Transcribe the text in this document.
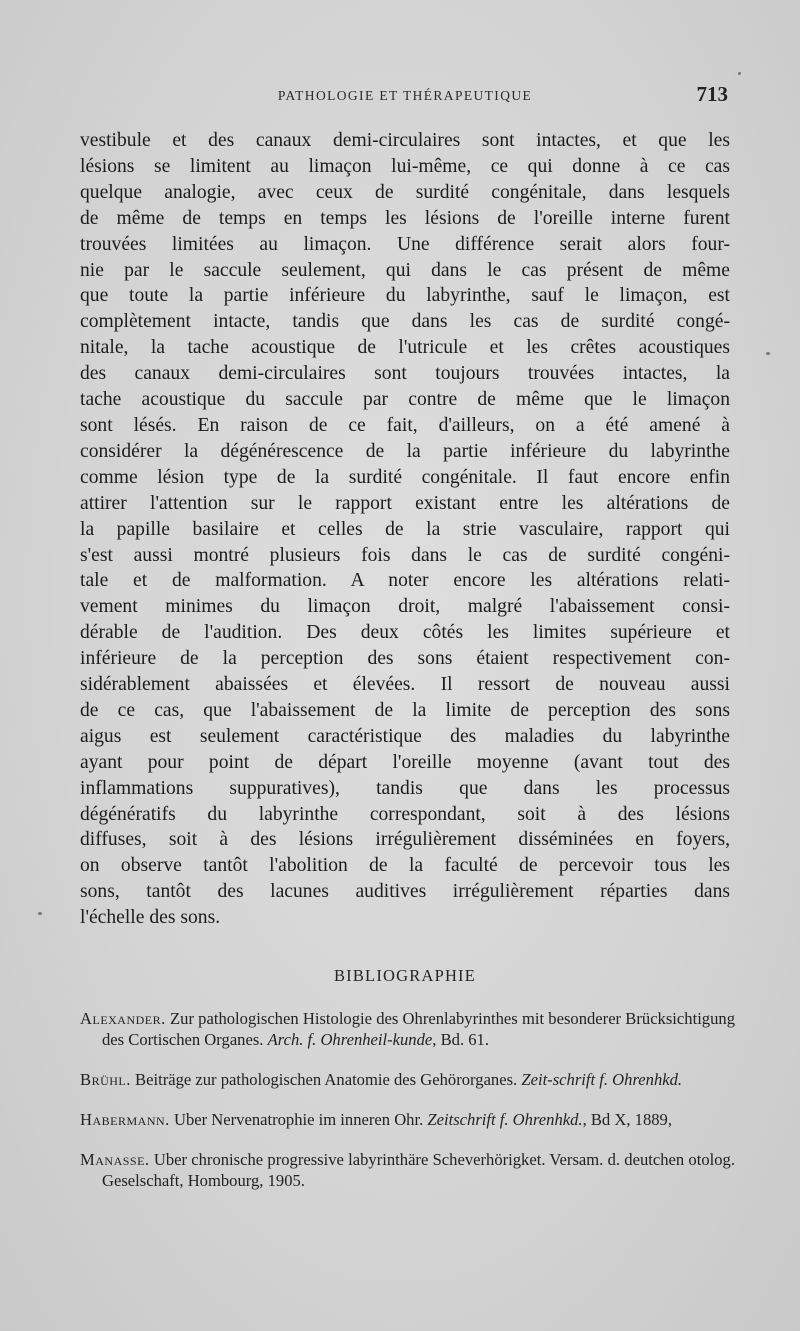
PATHOLOGIE ET THÉRAPEUTIQUE	713
vestibule et des canaux demi-circulaires sont intactes, et que les
lésions se limitent au limaçon lui-même, ce qui donne à ce cas
quelque analogie, avec ceux de surdité congénitale, dans lesquels
de même de temps en temps les lésions de l'oreille interne furent
trouvées limitées au limaçon. Une différence serait alors four-
nie par le saccule seulement, qui dans le cas présent de même
que toute la partie inférieure du labyrinthe, sauf le limaçon, est
complètement intacte, tandis que dans les cas de surdité congé-
nitale, la tache acoustique de l'utricule et les crêtes acoustiques
des canaux demi-circulaires sont toujours trouvées intactes, la
tache acoustique du saccule par contre de même que le limaçon
sont lésés. En raison de ce fait, d'ailleurs, on a été amené à
considérer la dégénérescence de la partie inférieure du labyrinthe
comme lésion type de la surdité congénitale. Il faut encore enfin
attirer l'attention sur le rapport existant entre les altérations de
la papille basilaire et celles de la strie vasculaire, rapport qui
s'est aussi montré plusieurs fois dans le cas de surdité congéni-
tale et de malformation. A noter encore les altérations relati-
vement minimes du limaçon droit, malgré l'abaissement consi-
dérable de l'audition. Des deux côtés les limites supérieure et
inférieure de la perception des sons étaient respectivement con-
sidérablement abaissées et élevées. Il ressort de nouveau aussi
de ce cas, que l'abaissement de la limite de perception des sons
aigus est seulement caractéristique des maladies du labyrinthe
ayant pour point de départ l'oreille moyenne (avant tout des
inflammations suppuratives), tandis que dans les processus
dégénératifs du labyrinthe correspondant, soit à des lésions
diffuses, soit à des lésions irrégulièrement disséminées en foyers,
on observe tantôt l'abolition de la faculté de percevoir tous les
sons, tantôt des lacunes auditives irrégulièrement réparties dans
l'échelle des sons.
BIBLIOGRAPHIE
Alexander. Zur pathologischen Histologie des Ohrenlabyrinthes mit besonderer Brücksichtigung des Cortischen Organes. Arch. f. Ohrenheil-kunde, Bd. 61.
Brühl. Beiträge zur pathologischen Anatomie des Gehörorganes. Zeit-schrift f. Ohrenhkd.
Habermann. Uber Nervenatrophie im inneren Ohr. Zeitschrift f. Ohrenhkd., Bd X, 1889,
Manasse. Uber chronische progressive labyrinthäre Scheverhörigket. Versam. d. deutchen otolog. Geselschaft, Hombourg, 1905.
